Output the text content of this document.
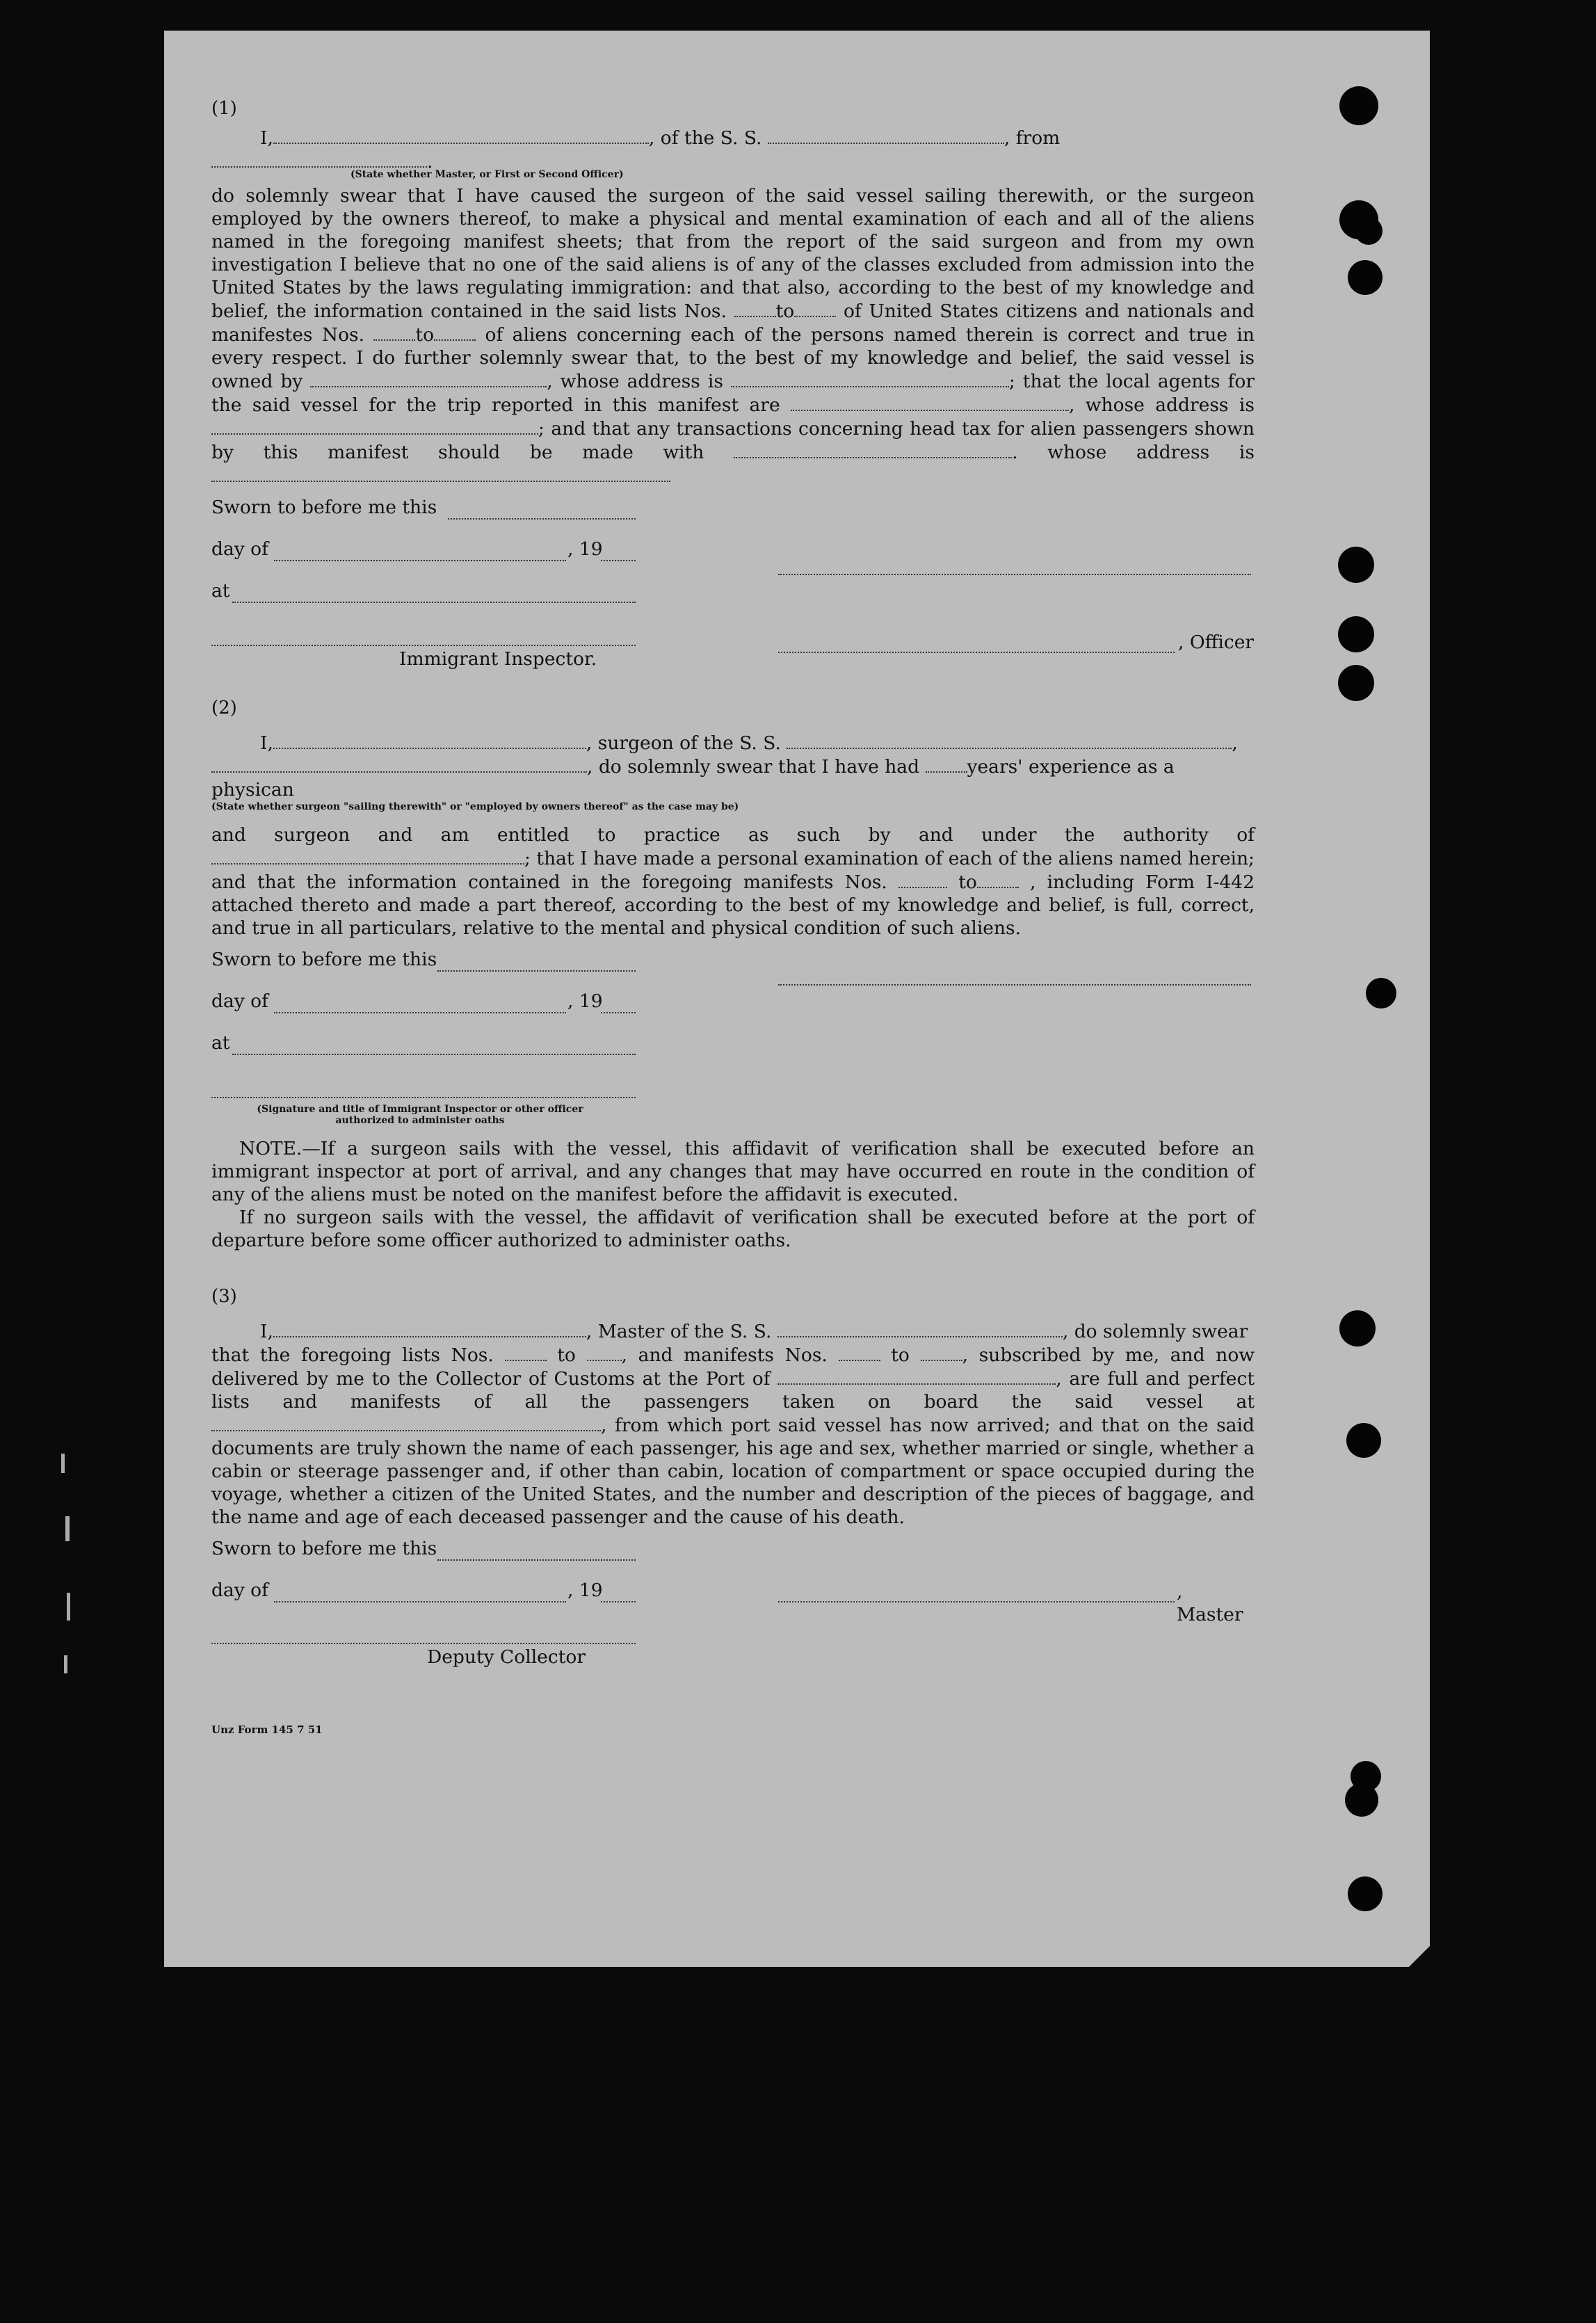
(1)

I,	, of the S. S.	, from .

(State whether Master, or First or Second Officer)

do solemnly swear that I have caused the surgeon of the said vessel sailing therewith, or the surgeon employed by the owners thereof, to make a physical and mental examination of each and all of the aliens named in the foregoing manifest sheets; that from the report of the said surgeon and from my own investigation I believe that no one of the said aliens is of any of the classes excluded from admission into the United States by the laws regulating immigration: and that also, according to the best of my knowledge and belief, the information contained in the said lists Nos.	to	of United States citizens and nationals and manifestes Nos.	to	of aliens concerning each of the persons named therein is correct and true in every respect. I do further solemnly swear that, to the best of my knowledge and belief, the said vessel is owned by	, whose address is	; that the local agents for the said vessel for the trip reported in this manifest are	, whose address is ; and that any transactions concerning head tax for alien passengers shown by this manifest should be made with	. whose address is

Sworn to before me this
day of	, 19
at
, Officer
Immigrant Inspector.

(2)

I,	, surgeon of the S. S.	,

, do solemnly swear that I have had	years' experience as a physican

(State whether surgeon "sailing therewith" or "employed by owners thereof" as the case may be)

and surgeon and am entitled to practice as such by and under the authority of ; that I have made a personal examination of each of the aliens named herein; and that the information contained in the foregoing manifests Nos.	to	, including Form I-442 attached thereto and made a part thereof, according to the best of my knowledge and belief, is full, correct, and true in all particulars, relative to the mental and physical condition of such aliens.

Sworn to before me this
day of	, 19
at
(Signature and title of Immigrant Inspector or other officer authorized to administer oaths

NOTE.—If a surgeon sails with the vessel, this affidavit of verification shall be executed before an immigrant inspector at port of arrival, and any changes that may have occurred en route in the condition of any of the aliens must be noted on the manifest before the affidavit is executed.

If no surgeon sails with the vessel, the affidavit of verification shall be executed before at the port of departure before some officer authorized to administer oaths.

(3)

I,	, Master of the S. S.	, do solemnly swear

that the foregoing lists Nos.	to , and manifests Nos.	to	, subscribed by me, and now delivered by me to the Collector of Customs at the Port of	, are full and perfect lists and manifests of all the passengers taken on board the said vessel at , from which port said vessel has now arrived; and that on the said documents are truly shown the name of each passenger, his age and sex, whether married or single, whether a cabin or steerage passenger and, if other than cabin, location of compartment or space occupied during the voyage, whether a citizen of the United States, and the number and description of the pieces of baggage, and the name and age of each deceased passenger and the cause of his death.

Sworn to before me this
day of	, 19	, Master
Deputy Collector
Unz Form 145 7 51
